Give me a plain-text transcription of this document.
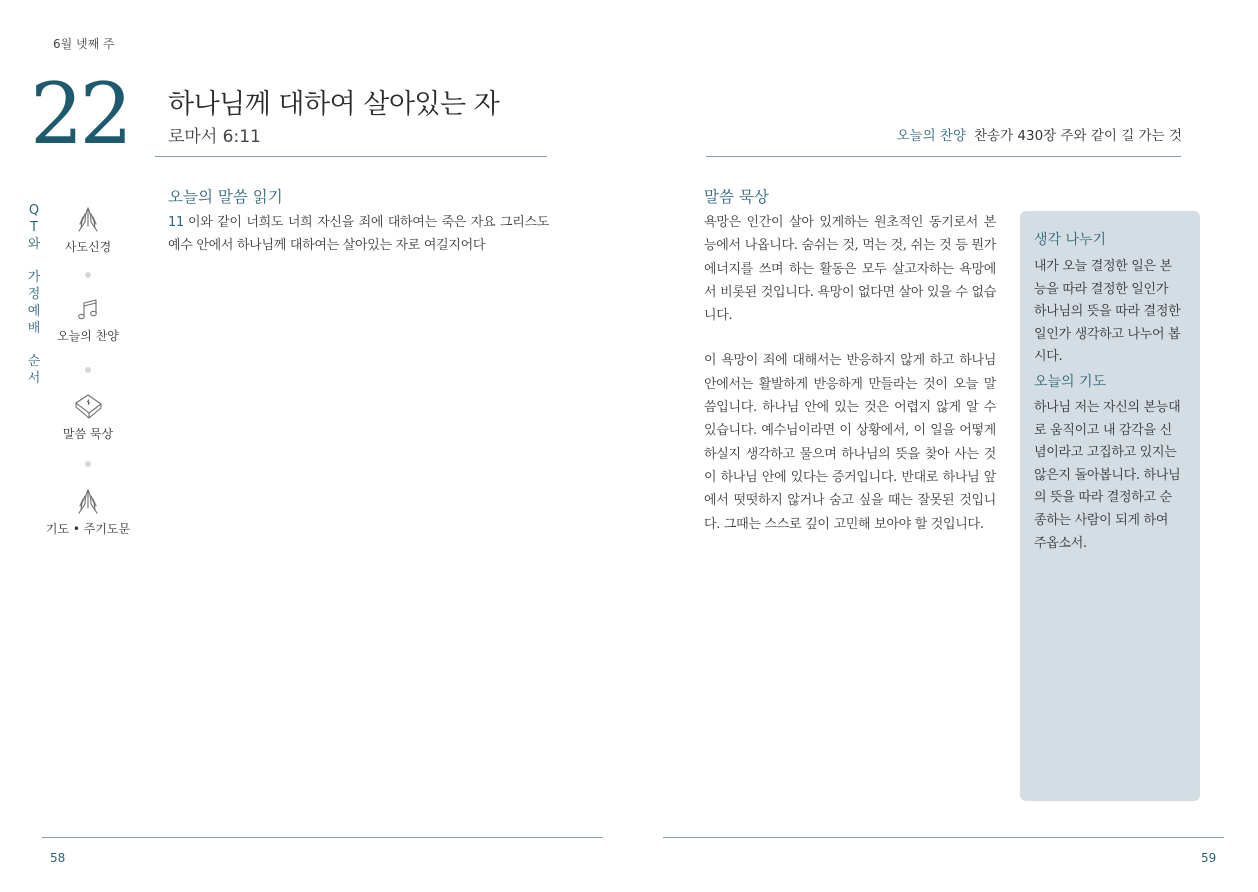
6월 넷째 주
22 하나님께 대하여 살아있는 자
로마서 6:11	오늘의 찬양 찬송가 430장 주와 같이 길 가는 것
Q
T
와
가
정
예
배
순
서
사도신경
오늘의 찬양
말씀 묵상
기도 • 주기도문
오늘의 말씀 읽기
11 이와 같이 너희도 너희 자신을 죄에 대하여는 죽은 자요 그리스도 예수 안에서 하나님께 대하여는 살아있는 자로 여길지어다
말씀 묵상

욕망은 인간이 살아 있게하는 원초적인 동기로서 본능에서 나옵니다. 숨쉬는 것, 먹는 것, 쉬는 것 등 뭔가 에너지를 쓰며 하는 활동은 모두 살고자하는 욕망에서 비롯된 것입니다. 욕망이 없다면 살아 있을 수 없습니다.

이 욕망이 죄에 대해서는 반응하지 않게 하고 하나님 안에서는 활발하게 반응하게 만들라는 것이 오늘 말씀입니다. 하나님 안에 있는 것은 어렵지 않게 알 수 있습니다. 예수님이라면 이 상황에서, 이 일을 어떻게 하실지 생각하고 물으며 하나님의 뜻을 찾아 사는 것이 하나님 안에 있다는 증거입니다. 반대로 하나님 앞에서 떳떳하지 않거나 숨고 싶을 때는 잘못된 것입니다. 그때는 스스로 깊이 고민해 보아야 할 것입니다.

생각 나누기
내가 오늘 결정한 일은 본능을 따라 결정한 일인가 하나님의 뜻을 따라 결정한 일인가 생각하고 나누어 봅시다.
오늘의 기도
하나님 저는 자신의 본능대로 움직이고 내 감각을 신념이라고 고집하고 있지는 않은지 돌아봅니다. 하나님의 뜻을 따라 결정하고 순종하는 사람이 되게 하여 주옵소서.
58	59
